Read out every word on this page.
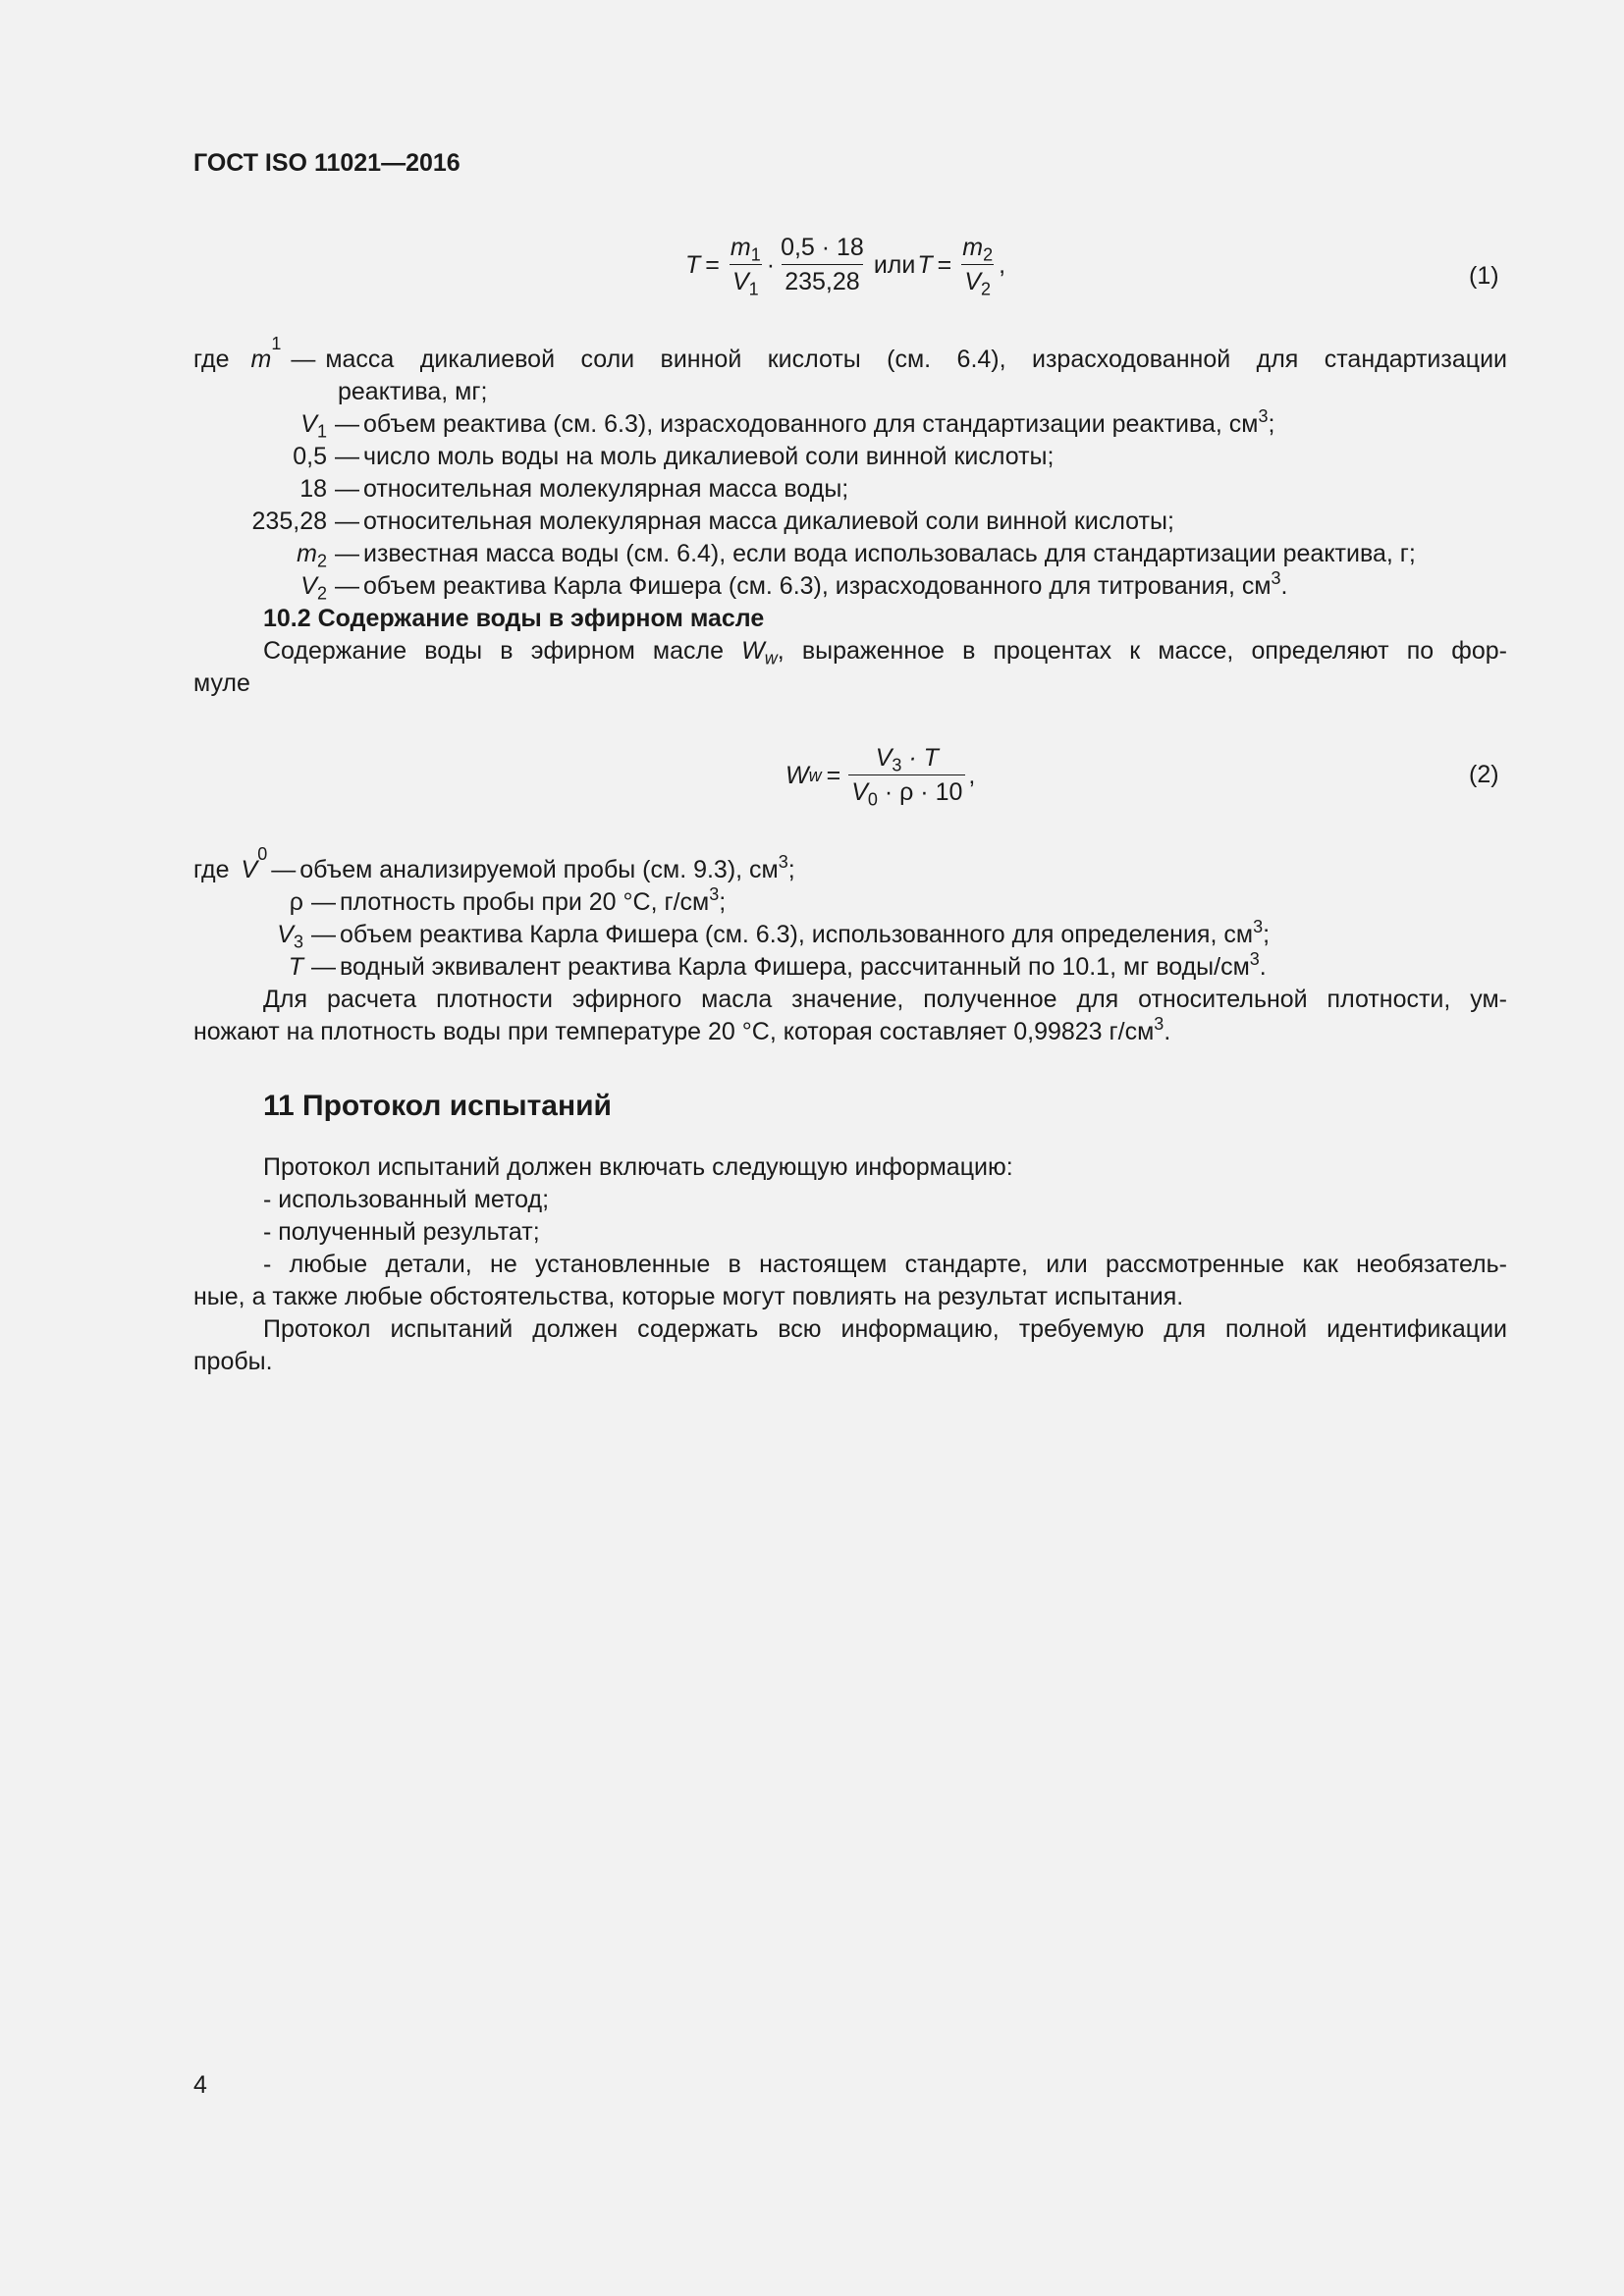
ГОСТ ISO 11021—2016
$T = \frac{m_1}{V_1} \cdot \frac{0,5 \cdot 18}{235,28}$ или $T = \frac{m_2}{V_2}$ ,	(1)
где m
1
— масса дикалиевой соли винной кислоты (см. 6.4), израсходованной для стандартизации
реактива, мг;
$V_1$ — объем реактива (см. 6.3), израсходованного для стандартизации реактива, $см^3$;
0,5 — число моль воды на моль дикалиевой соли винной кислоты;
18 — относительная молекулярная масса воды;
235,28 — относительная молекулярная масса дикалиевой соли винной кислоты;
$m_2$ — известная масса воды (см. 6.4), если вода использовалась для стандартизации реактива, г;
$V_2$ — объем реактива Карла Фишера (см. 6.3), израсходованного для титрования, $см^3$.
10.2 Содержание воды в эфирном масле
Содержание воды в эфирном масле $W_w$, выраженное в процентах к массе, определяют по фор-
муле
W $w = \frac{V_3 \cdot T}{V_0 \cdot \rho \cdot 10}$ ,	(2)
где V
0
— объем анализируемой пробы (см. 9.3), $см^3$;
ρ — плотность пробы при 20 °С, $г/см^3$;
$V_3$ — объем реактива Карла Фишера (см. 6.3), использованного для определения, $см^3$;
T — водный эквивалент реактива Карла Фишера, рассчитанный по 10.1, мг воды/$см^3$.
Для расчета плотности эфирного масла значение, полученное для относительной плотности, ум-
ножают на плотность воды при температуре 20 °С, которая составляет 0,99823 $г/см^3$.
11 Протокол испытаний
Протокол испытаний должен включать следующую информацию:
- использованный метод;
- полученный результат;
- любые детали, не установленные в настоящем стандарте, или рассмотренные как необязатель-
ные, а также любые обстоятельства, которые могут повлиять на результат испытания.
Протокол испытаний должен содержать всю информацию, требуемую для полной идентификации
пробы.
4
